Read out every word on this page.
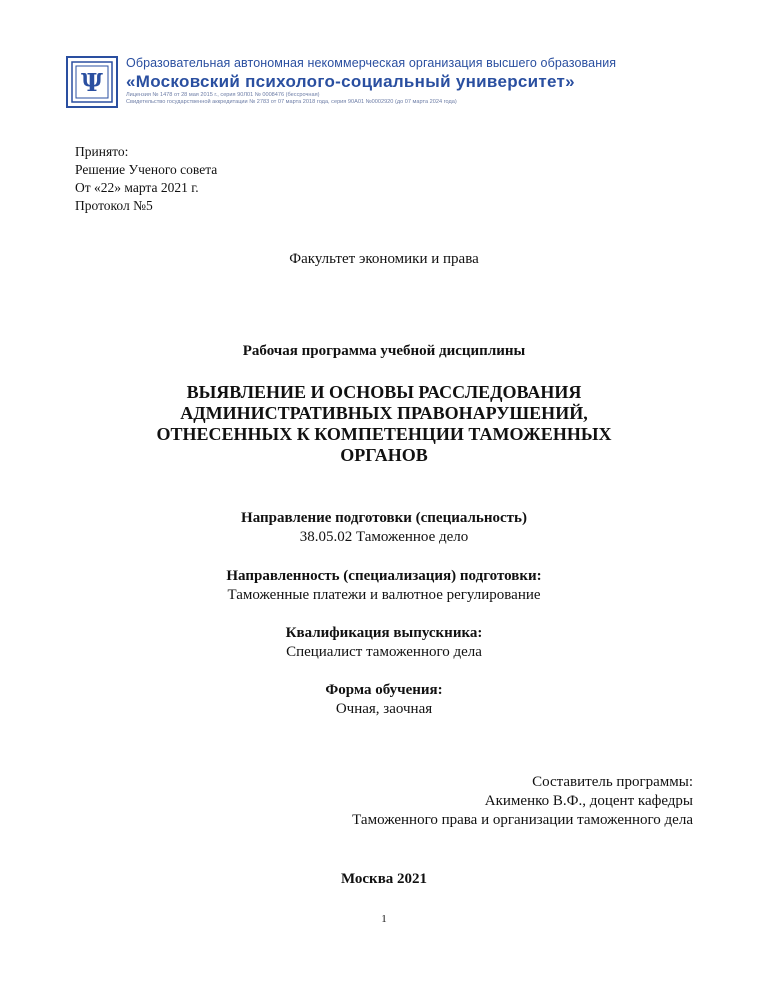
Ψ
Образовательная автономная некоммерческая организация высшего образования
«Московский психолого-социальный университет»
Лицензия № 1478 от 28 мая 2015 г., серия 90Л01 № 0008476 (бессрочная)
Свидетельство государственной аккредитации № 2783 от 07 марта 2018 года, серия 90А01 №0002920 (до 07 марта 2024 года)
Принято:
Решение Ученого совета
От «22» марта 2021 г.
Протокол №5
Факультет экономики и права
Рабочая программа учебной дисциплины
ВЫЯВЛЕНИЕ И ОСНОВЫ РАССЛЕДОВАНИЯ
АДМИНИСТРАТИВНЫХ ПРАВОНАРУШЕНИЙ,
ОТНЕСЕННЫХ К КОМПЕТЕНЦИИ ТАМОЖЕННЫХ
ОРГАНОВ
Направление подготовки (специальность)
38.05.02 Таможенное дело
Направленность (специализация) подготовки:
Таможенные платежи и валютное регулирование
Квалификация выпускника:
Специалист таможенного дела
Форма обучения:
Очная, заочная
Составитель программы:
Акименко В.Ф., доцент кафедры
Таможенного права и организации таможенного дела
Москва 2021
1
